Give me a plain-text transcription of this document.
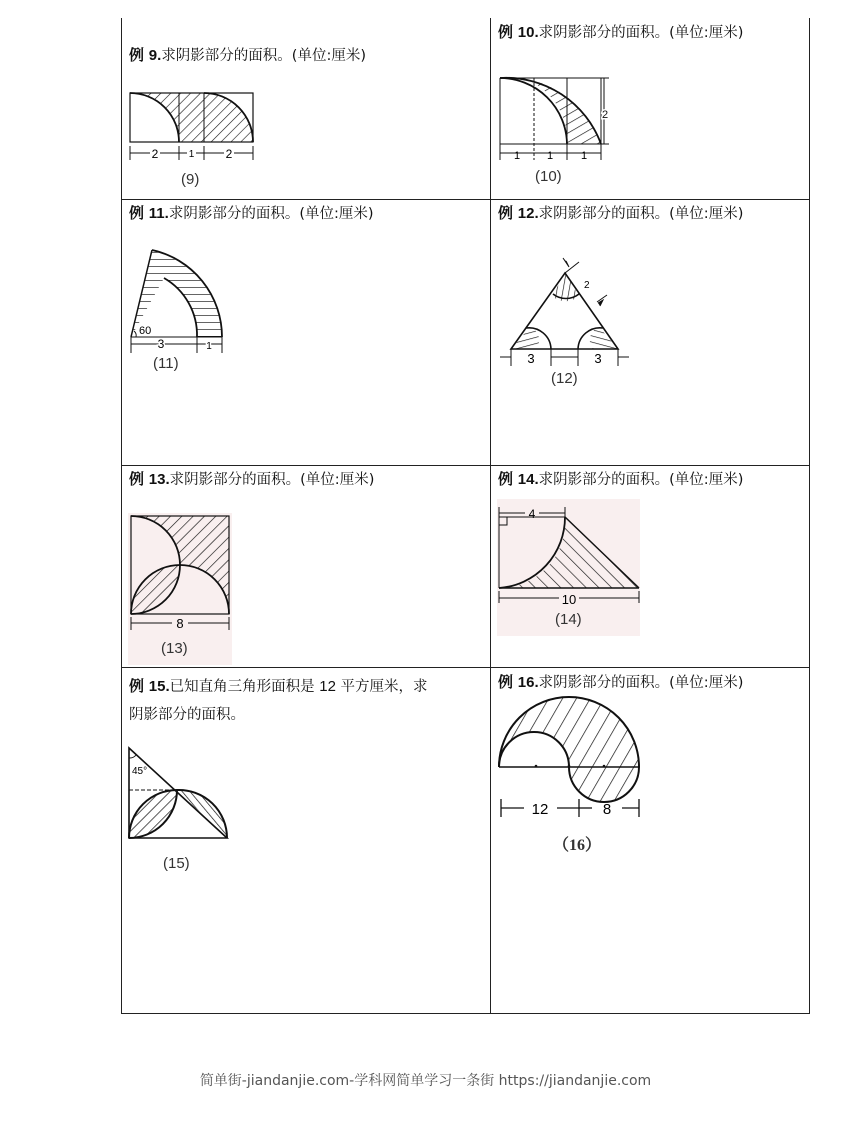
例 9.求阴影部分的面积。(单位:厘米)
2	1	2
(9)
例 10.求阴影部分的面积。(单位:厘米)
1 1	1
2
(10)
例 11.求阴影部分的面积。(单位:厘米)
60
3	1
(11)
例 12.求阴影部分的面积。(单位:厘米)
2
3	3
(12)
例 13.求阴影部分的面积。(单位:厘米)
8
(13)
例 14.求阴影部分的面积。(单位:厘米)
4
10
(14)
例 15.已知直角三角形面积是 12 平方厘米，求
阴影部分的面积。
45°
(15)
例 16.求阴影部分的面积。(单位:厘米)
12	8
（16）
简单街-jiandanjie.com-学科网简单学习一条街 https://jiandanjie.com
